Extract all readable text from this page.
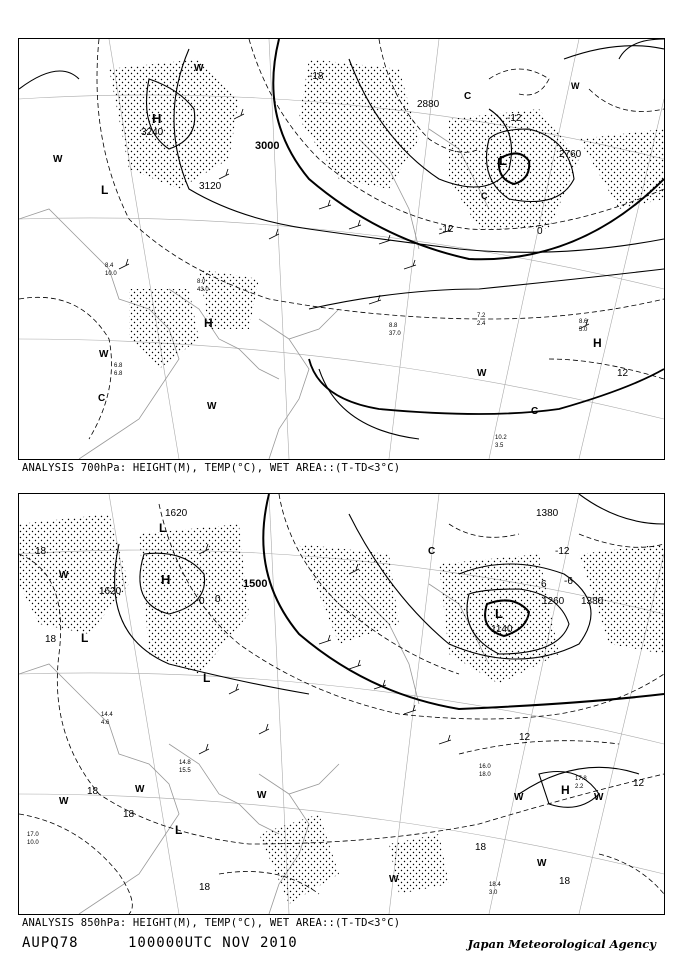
3240
3120
3000
2880
2760
-18
-12
0
-12
12
H
L
H
H
L
W
W
W
W
W
C
C
C
C
W
8.4
10.0
8.0
43.0
6.8
6.8
10.2
3.5
7.2
2.4	8.6
5.0
8.8
37.0
ANALYSIS 700hPa: HEIGHT(M), TEMP(°C), WET AREA::(T-TD<3°C)
1620
1620
1500
1380
1260 1380
1140
18
18
12
-12
-6
0
18
18
18
18
18
12
6
0
H
L
L
L
L
H
L
W
W
W
W
W
W	W
W
C
14.4
4.6
14.8
15.5
17.0
10.0
18.4
3.0
17.8
2.2
16.0
18.0
ANALYSIS 850hPa: HEIGHT(M), TEMP(°C), WET AREA::(T-TD<3°C)
AUPQ78	100000UTC NOV 2010	Japan Meteorological Agency
